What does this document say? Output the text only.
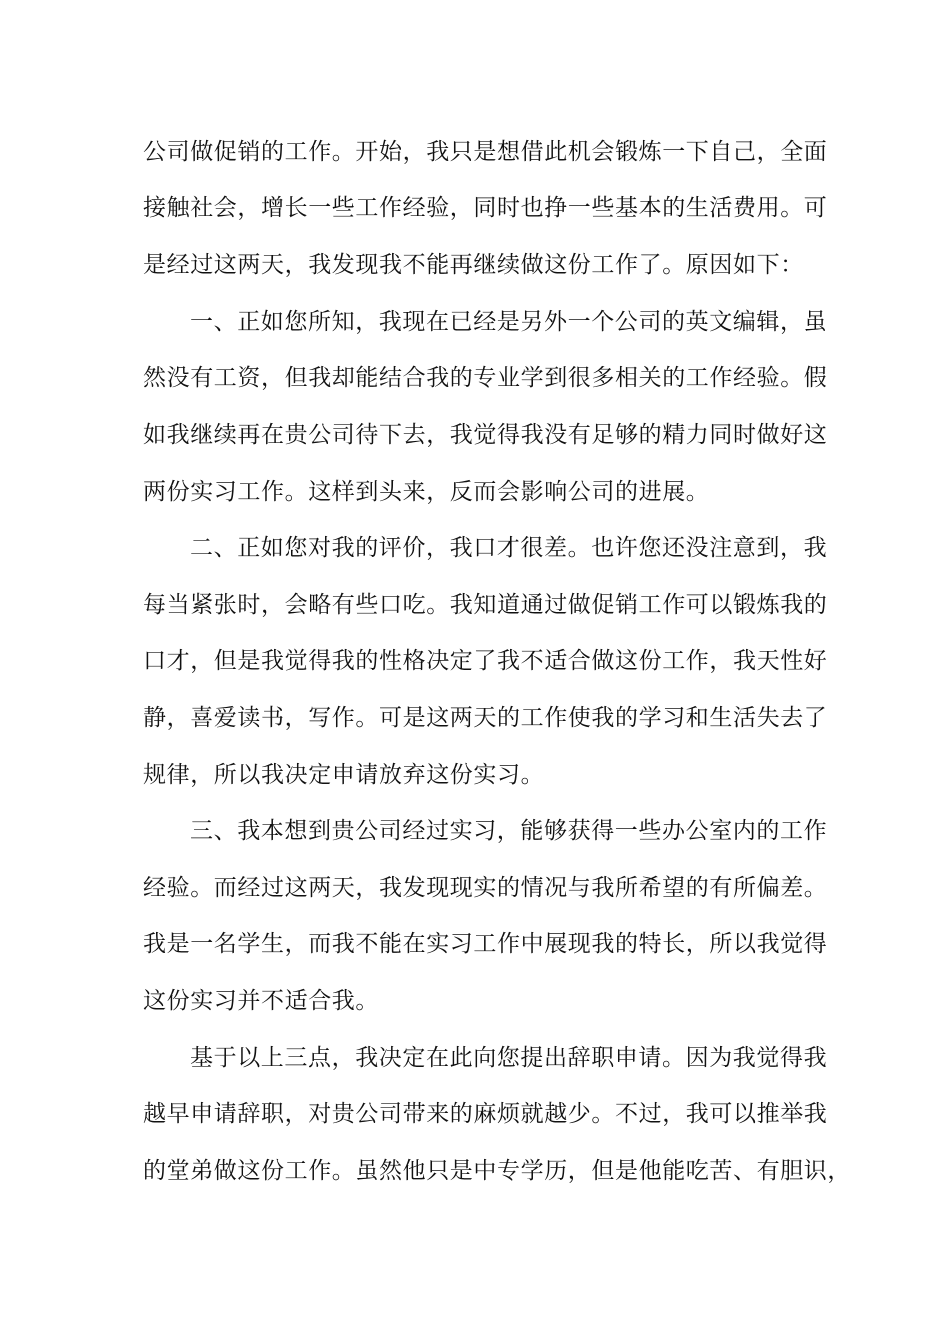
公司做促销的工作。开始，我只是想借此机会锻炼一下自己，全面
接触社会，增长一些工作经验，同时也挣一些基本的生活费用。可
是经过这两天，我发现我不能再继续做这份工作了。原因如下：
一、正如您所知，我现在已经是另外一个公司的英文编辑，虽
然没有工资，但我却能结合我的专业学到很多相关的工作经验。假
如我继续再在贵公司待下去，我觉得我没有足够的精力同时做好这
两份实习工作。这样到头来，反而会影响公司的进展。
二、正如您对我的评价，我口才很差。也许您还没注意到，我
每当紧张时，会略有些口吃。我知道通过做促销工作可以锻炼我的
口才，但是我觉得我的性格决定了我不适合做这份工作，我天性好
静，喜爱读书，写作。可是这两天的工作使我的学习和生活失去了
规律，所以我决定申请放弃这份实习。
三、我本想到贵公司经过实习，能够获得一些办公室内的工作
经验。而经过这两天，我发现现实的情况与我所希望的有所偏差。
我是一名学生，而我不能在实习工作中展现我的特长，所以我觉得
这份实习并不适合我。
基于以上三点，我决定在此向您提出辞职申请。因为我觉得我
越早申请辞职，对贵公司带来的麻烦就越少。不过，我可以推举我
的堂弟做这份工作。虽然他只是中专学历，但是他能吃苦、有胆识，
